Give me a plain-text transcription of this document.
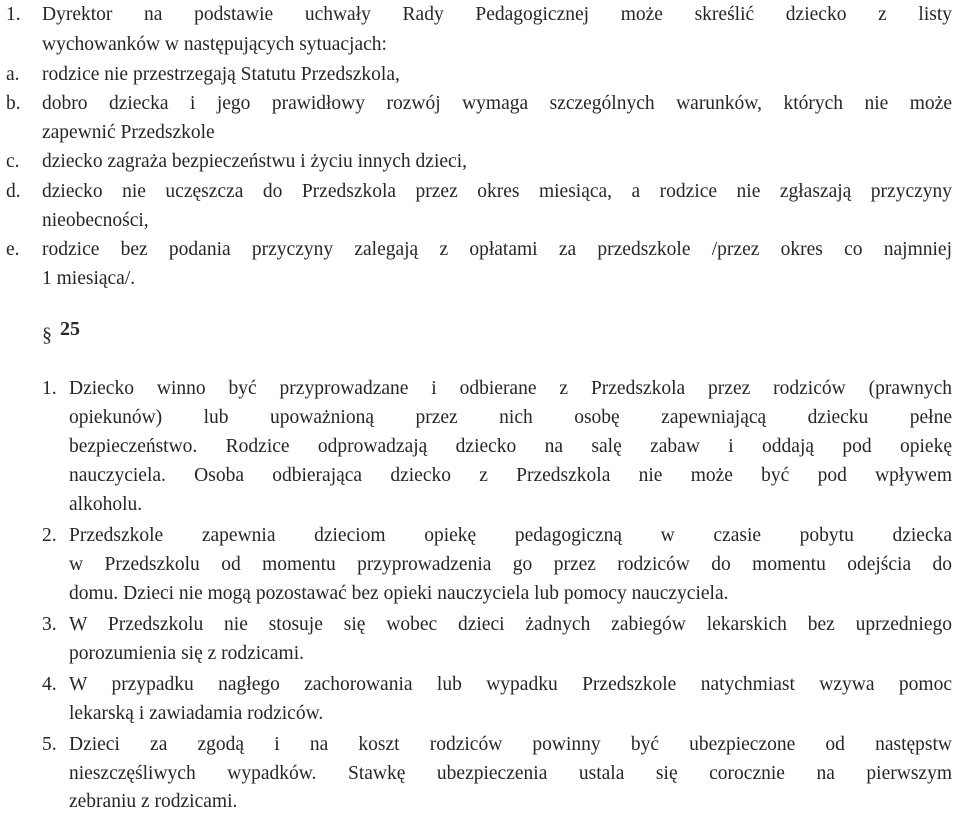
1. Dyrektor na podstawie uchwały Rady Pedagogicznej może skreślić dziecko z listy
wychowanków w następujących sytuacjach:
a. rodzice nie przestrzegają Statutu Przedszkola,
b. dobro dziecka i jego prawidłowy rozwój wymaga szczególnych warunków, których nie może
zapewnić Przedszkole
c. dziecko zagraża bezpieczeństwu i życiu innych dzieci,
d. dziecko nie uczęszcza do Przedszkola przez okres miesiąca, a rodzice nie zgłaszają przyczyny
nieobecności,
e. rodzice bez podania przyczyny zalegają z opłatami za przedszkole /przez okres co najmniej
1 miesiąca/.
§ 25
1. Dziecko winno być przyprowadzane i odbierane z Przedszkola przez rodziców (prawnych
opiekunów) lub upoważnioną przez nich osobę zapewniającą dziecku pełne
bezpieczeństwo. Rodzice odprowadzają dziecko na salę zabaw i oddają pod opiekę
nauczyciela. Osoba odbierająca dziecko z Przedszkola nie może być pod wpływem
alkoholu.
2. Przedszkole zapewnia dzieciom opiekę pedagogiczną w czasie pobytu dziecka
w Przedszkolu od momentu przyprowadzenia go przez rodziców do momentu odejścia do
domu. Dzieci nie mogą pozostawać bez opieki nauczyciela lub pomocy nauczyciela.
3. W Przedszkolu nie stosuje się wobec dzieci żadnych zabiegów lekarskich bez uprzedniego
porozumienia się z rodzicami.
4. W przypadku nagłego zachorowania lub wypadku Przedszkole natychmiast wzywa pomoc
lekarską i zawiadamia rodziców.
5. Dzieci za zgodą i na koszt rodziców powinny być ubezpieczone od następstw
nieszczęśliwych wypadków. Stawkę ubezpieczenia ustala się corocznie na pierwszym
zebraniu z rodzicami.
